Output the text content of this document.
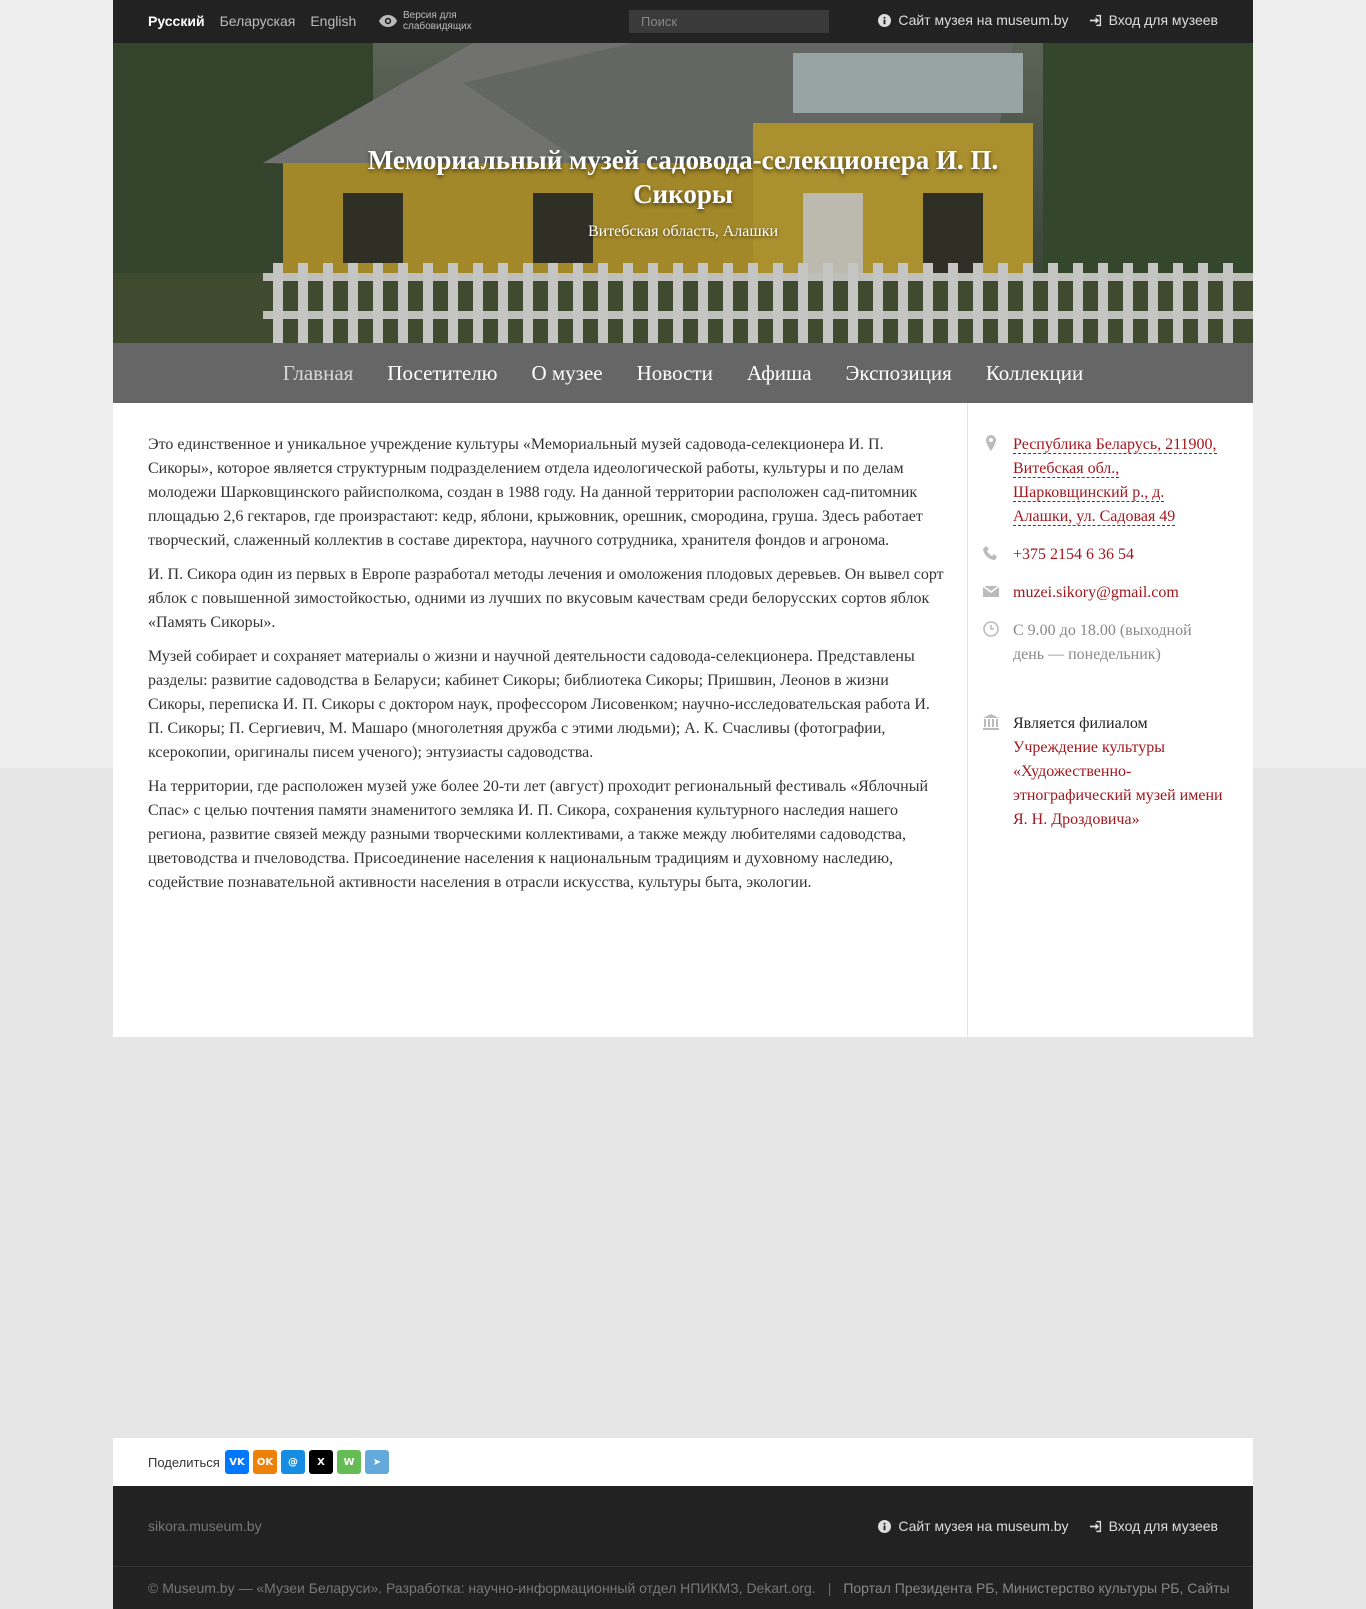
Русский Беларуская English	Версия для слабовидящих
Поиск	Сайт музея на museum.by	Вход для музеев
Мемориальный музей садовода-селекционера И. П. Сикоры
Витебская область, Алашки
Главная Посетителю О музее Новости Афиша Экспозиция Коллекции

Это единственное и уникальное учреждение культуры «Мемориальный музей садовода-селекционера И. П. Сикоры», которое является структурным подразделением отдела идеологической работы, культуры и по делам молодежи Шарковщинского райисполкома, создан в 1988 году. На данной территории расположен сад-питомник площадью 2,6 гектаров, где произрастают: кедр, яблони, крыжовник, орешник, смородина, груша. Здесь работает творческий, слаженный коллектив в составе директора, научного сотрудника, хранителя фондов и агронома.

И. П. Сикора один из первых в Европе разработал методы лечения и омоложения плодовых деревьев. Он вывел сорт яблок с повышенной зимостойкостью, одними из лучших по вкусовым качествам среди белорусских сортов яблок «Память Сикоры».

Музей собирает и сохраняет материалы о жизни и научной деятельности садовода-селекционера. Представлены разделы: развитие садоводства в Беларуси; кабинет Сикоры; библиотека Сикоры; Пришвин, Леонов в жизни Сикоры, переписка И. П. Сикоры с доктором наук, профессором Лисовенком; научно-исследовательская работа И. П. Сикоры; П. Сергиевич, М. Машаро (многолетняя дружба с этими людьми); А. К. Счасливы (фотографии, ксерокопии, оригиналы писем ученого); энтузиасты садоводства.

На территории, где расположен музей уже более 20-ти лет (август) проходит региональный фестиваль «Яблочный Спас» с целью почтения памяти знаменитого земляка И. П. Сикора, сохранения культурного наследия нашего региона, развитие связей между разными творческими коллективами, а также между любителями садоводства, цветоводства и пчеловодства. Присоединение населения к национальным традициям и духовному наследию, содействие познавательной активности населения в отрасли искусства, культуры быта, экологии.

Республика Беларусь, 211900, Витебская обл., Шарковщинский р., д. Алашки, ул. Садовая 49
+375 2154 6 36 54
muzei.sikory@gmail.com
С 9.00 до 18.00 (выходной день — понедельник)
Является филиалом
Учреждение культуры «Художественно-этнографический музей имени Я. Н. Дроздовича»
Поделиться VK	OK	@	X	W	➤
sikora.museum.by	Сайт музея на museum.by	Вход для музеев
© Museum.by — «Музеи Беларуси». Разработка: научно-информационный отдел НПИКМЗ, Dekart.org. | Портал Президента РБ, Министерство культуры РБ, Сайты
